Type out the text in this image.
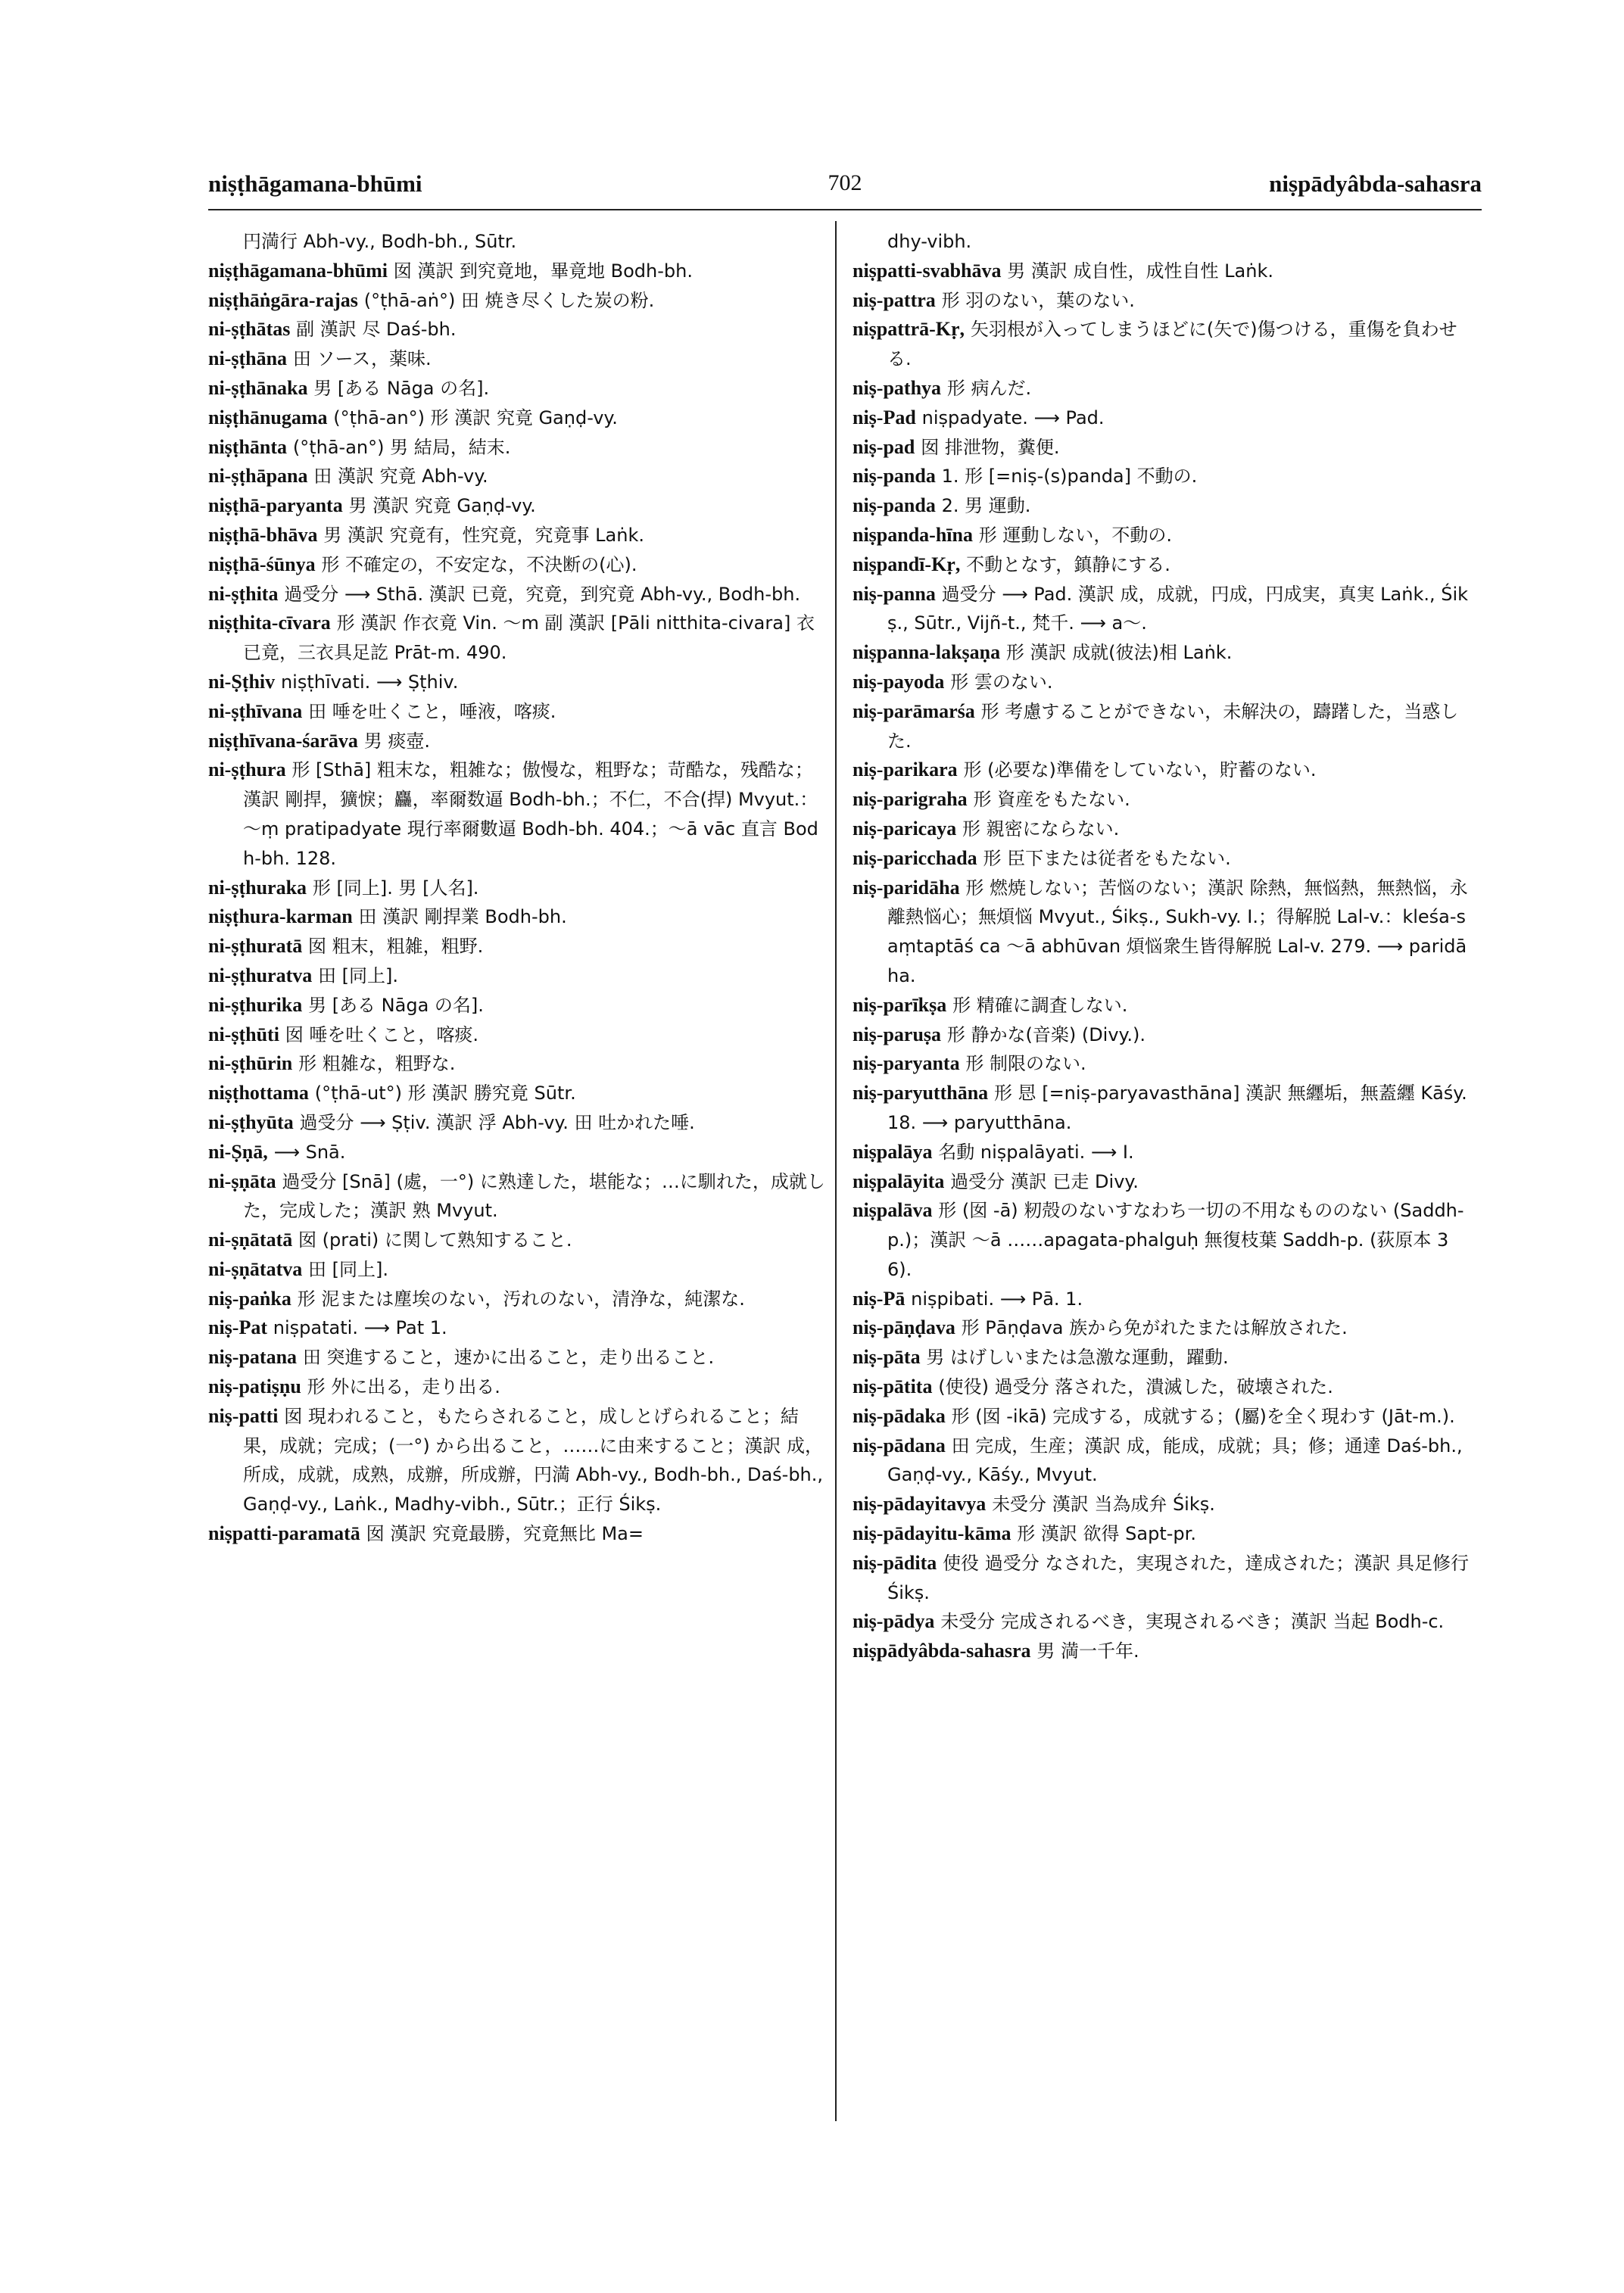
niṣṭhāgamana-bhūmi	702	niṣpādyâbda-sahasra

円満行 Abh-vy., Bodh-bh., Sūtr.

niṣṭhāgamana-bhūmi 囡 漢訳 到究竟地，畢竟地 Bodh-bh.

niṣṭhāṅgāra-rajas (°ṭhā-aṅ°) 田 焼き尽くした炭の粉.

ni-ṣṭhātas 副 漢訳 尽 Daś-bh.

ni-ṣṭhāna 田 ソース，薬味.

ni-ṣṭhānaka 男 [ある Nāga の名].

niṣṭhānugama (°ṭhā-an°) 形 漢訳 究竟 Gaṇḍ-vy.

niṣṭhānta (°ṭhā-an°) 男 結局，結末.

ni-ṣṭhāpana 田 漢訳 究竟 Abh-vy.

niṣṭhā-paryanta 男 漢訳 究竟 Gaṇḍ-vy.

niṣṭhā-bhāva 男 漢訳 究竟有，性究竟，究竟事 Laṅk.

niṣṭhā-śūnya 形 不確定の，不安定な，不決断の(心).

ni-ṣṭhita 過受分 ⟶ Sthā. 漢訳 已竟，究竟，到究竟 Abh-vy., Bodh-bh.

niṣṭhita-cīvara 形 漢訳 作衣竟 Vin. ～m 副 漢訳 [Pāli nitthita-civara] 衣已竟，三衣具足訖 Prāt-m. 490.

ni-Ṣṭhiv niṣṭhīvati. ⟶ Ṣṭhiv.

ni-ṣṭhīvana 田 唾を吐くこと，唾液，喀痰.

niṣṭhīvana-śarāva 男 痰壺.

ni-ṣṭhura 形 [Sthā] 粗末な，粗雑な；傲慢な，粗野な；苛酷な，残酷な；漢訳 剛捍，獷悷；麤，率爾数逼 Bodh-bh.；不仁，不合(捍) Mvyut.：～ṃ pratipadyate 現行率爾數逼 Bodh-bh. 404.；～ā vāc 直言 Bodh-bh. 128.

ni-ṣṭhuraka 形 [同上]. 男 [人名].

niṣṭhura-karman 田 漢訳 剛捍業 Bodh-bh.

ni-ṣṭhuratā 囡 粗末，粗雑，粗野.

ni-ṣṭhuratva 田 [同上].

ni-ṣṭhurika 男 [ある Nāga の名].

ni-ṣṭhūti 囡 唾を吐くこと，喀痰.

ni-ṣṭhūrin 形 粗雑な，粗野な.

niṣṭhottama (°ṭhā-ut°) 形 漢訳 勝究竟 Sūtr.

ni-ṣṭhyūta 過受分 ⟶ Ṣṭiv. 漢訳 浮 Abh-vy. 田 吐かれた唾.

ni-Ṣṇā, ⟶ Snā.

ni-ṣṇāta 過受分 [Snā] (處，一°) に熟達した，堪能な；…に馴れた，成就した，完成した；漢訳 熟 Mvyut.

ni-ṣṇātatā 囡 (prati) に関して熟知すること.

ni-ṣṇātatva 田 [同上].

niṣ-paṅka 形 泥または塵埃のない，汚れのない，清浄な，純潔な.

niṣ-Pat niṣpatati. ⟶ Pat 1.

niṣ-patana 田 突進すること，速かに出ること，走り出ること.

niṣ-patiṣṇu 形 外に出る，走り出る.

niṣ-patti 囡 現われること，もたらされること，成しとげられること；結果，成就；完成；(一°) から出ること，……に由来すること；漢訳 成，所成，成就，成熟，成辦，所成辦，円満 Abh-vy., Bodh-bh., Daś-bh., Gaṇḍ-vy., Laṅk., Madhy-vibh., Sūtr.；正行 Śikṣ.

niṣpatti-paramatā 囡 漢訳 究竟最勝，究竟無比 Ma=

dhy-vibh.

niṣpatti-svabhāva 男 漢訳 成自性，成性自性 Laṅk.

niṣ-pattra 形 羽のない，葉のない.

niṣpattrā-Kṛ, 矢羽根が入ってしまうほどに(矢で)傷つける，重傷を負わせる.

niṣ-pathya 形 病んだ.

niṣ-Pad niṣpadyate. ⟶ Pad.

niṣ-pad 囡 排泄物，糞便.

niṣ-panda 1. 形 [=niṣ-(s)panda] 不動の.

niṣ-panda 2. 男 運動.

niṣpanda-hīna 形 運動しない，不動の.

niṣpandī-Kṛ, 不動となす，鎮静にする.

niṣ-panna 過受分 ⟶ Pad. 漢訳 成，成就，円成，円成実，真実 Laṅk., Śikṣ., Sūtr., Vijñ-t., 梵千. ⟶ a～.

niṣpanna-lakṣaṇa 形 漢訳 成就(彼法)相 Laṅk.

niṣ-payoda 形 雲のない.

niṣ-parāmarśa 形 考慮することができない，未解決の，躊躇した，当惑した.

niṣ-parikara 形 (必要な)準備をしていない，貯蓄のない.

niṣ-parigraha 形 資産をもたない.

niṣ-paricaya 形 親密にならない.

niṣ-paricchada 形 臣下または従者をもたない.

niṣ-paridāha 形 燃焼しない；苦悩のない；漢訳 除熱，無悩熱，無熱悩，永離熱悩心；無煩悩 Mvyut., Śikṣ., Sukh-vy. I.；得解脱 Lal-v.：kleśa-saṃtaptāś ca ～ā abhūvan 煩悩衆生皆得解脱 Lal-v. 279. ⟶ paridāha.

niṣ-parīkṣa 形 精確に調査しない.

niṣ-paruṣa 形 静かな(音楽) (Divy.).

niṣ-paryanta 形 制限のない.

niṣ-paryutthāna 形 㤙 [=niṣ-paryavasthāna] 漢訳 無纒垢，無蓋纒 Kāśy. 18. ⟶ paryutthāna.

niṣpalāya 名動 niṣpalāyati. ⟶ I.

niṣpalāyita 過受分 漢訳 已走 Divy.

niṣpalāva 形 (囡 -ā) 籾殻のないすなわち一切の不用なもののない (Saddh-p.)；漢訳 ～ā ……apagata-phalguḥ 無復枝葉 Saddh-p. (荻原本 36).

niṣ-Pā niṣpibati. ⟶ Pā. 1.

niṣ-pāṇḍava 形 Pāṇḍava 族から免がれたまたは解放された.

niṣ-pāta 男 はげしいまたは急激な運動，躍動.

niṣ-pātita (使役) 過受分 落された，潰滅した，破壊された.

niṣ-pādaka 形 (囡 -ikā) 完成する，成就する；(屬)を全く現わす (Jāt-m.).

niṣ-pādana 田 完成，生産；漢訳 成，能成，成就；具；修；通達 Daś-bh., Gaṇḍ-vy., Kāśy., Mvyut.

niṣ-pādayitavya 未受分 漢訳 当為成弁 Śikṣ.

niṣ-pādayitu-kāma 形 漢訳 欲得 Sapt-pr.

niṣ-pādita 使役 過受分 なされた，実現された，達成された；漢訳 具足修行 Śikṣ.

niṣ-pādya 未受分 完成されるべき，実現されるべき；漢訳 当起 Bodh-c.

niṣpādyâbda-sahasra 男 満一千年.
